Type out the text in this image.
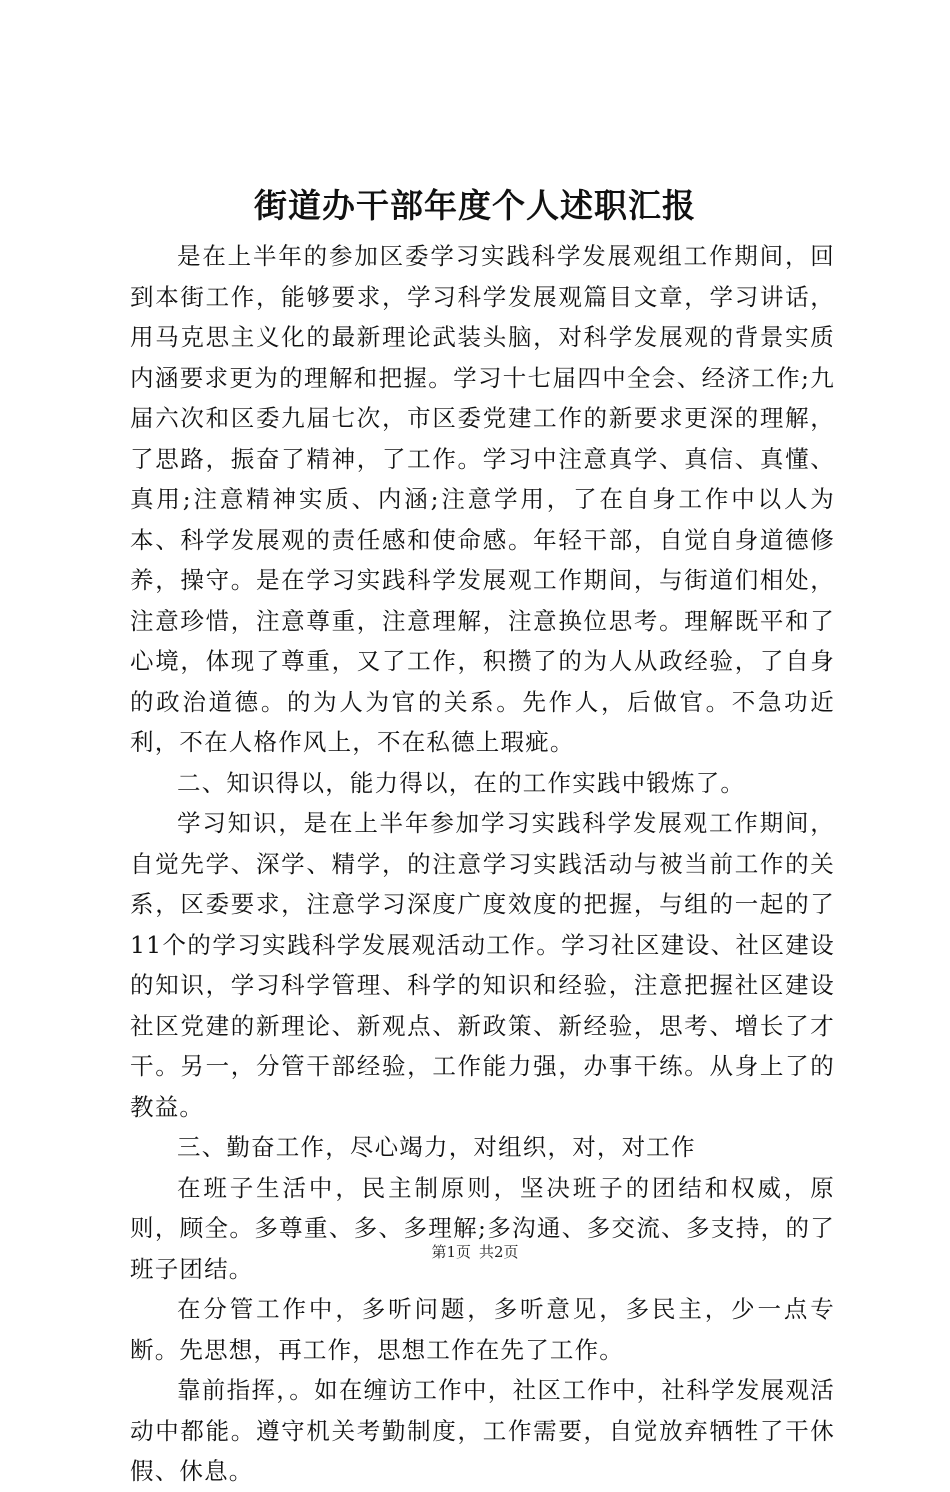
街道办干部年度个人述职汇报

是在上半年的参加区委学习实践科学发展观组工作期间，回到本街工作，能够要求，学习科学发展观篇目文章，学习讲话，用马克思主义化的最新理论武装头脑，对科学发展观的背景实质内涵要求更为的理解和把握。学习十七届四中全会、经济工作;九届六次和区委九届七次，市区委党建工作的新要求更深的理解，了思路，振奋了精神，了工作。学习中注意真学、真信、真懂、真用;注意精神实质、内涵;注意学用，了在自身工作中以人为本、科学发展观的责任感和使命感。年轻干部，自觉自身道德修养，操守。是在学习实践科学发展观工作期间，与街道们相处，注意珍惜，注意尊重，注意理解，注意换位思考。理解既平和了心境，体现了尊重，又了工作，积攒了的为人从政经验，了自身的政治道德。的为人为官的关系。先作人，后做官。不急功近利，不在人格作风上，不在私德上瑕疵。

二、知识得以，能力得以，在的工作实践中锻炼了。

学习知识，是在上半年参加学习实践科学发展观工作期间，自觉先学、深学、精学，的注意学习实践活动与被当前工作的关系，区委要求，注意学习深度广度效度的把握，与组的一起的了11个的学习实践科学发展观活动工作。学习社区建设、社区建设的知识，学习科学管理、科学的知识和经验，注意把握社区建设社区党建的新理论、新观点、新政策、新经验，思考、增长了才干。另一，分管干部经验，工作能力强，办事干练。从身上了的教益。

三、勤奋工作，尽心竭力，对组织，对，对工作

在班子生活中，民主制原则，坚决班子的团结和权威，原则，顾全。多尊重、多、多理解;多沟通、多交流、多支持，的了班子团结。

在分管工作中，多听问题，多听意见，多民主，少一点专断。先思想，再工作，思想工作在先了工作。

靠前指挥，。如在缠访工作中，社区工作中，社科学发展观活动中都能。遵守机关考勤制度，工作需要，自觉放弃牺牲了干休假、休息。

第1页 共2页
